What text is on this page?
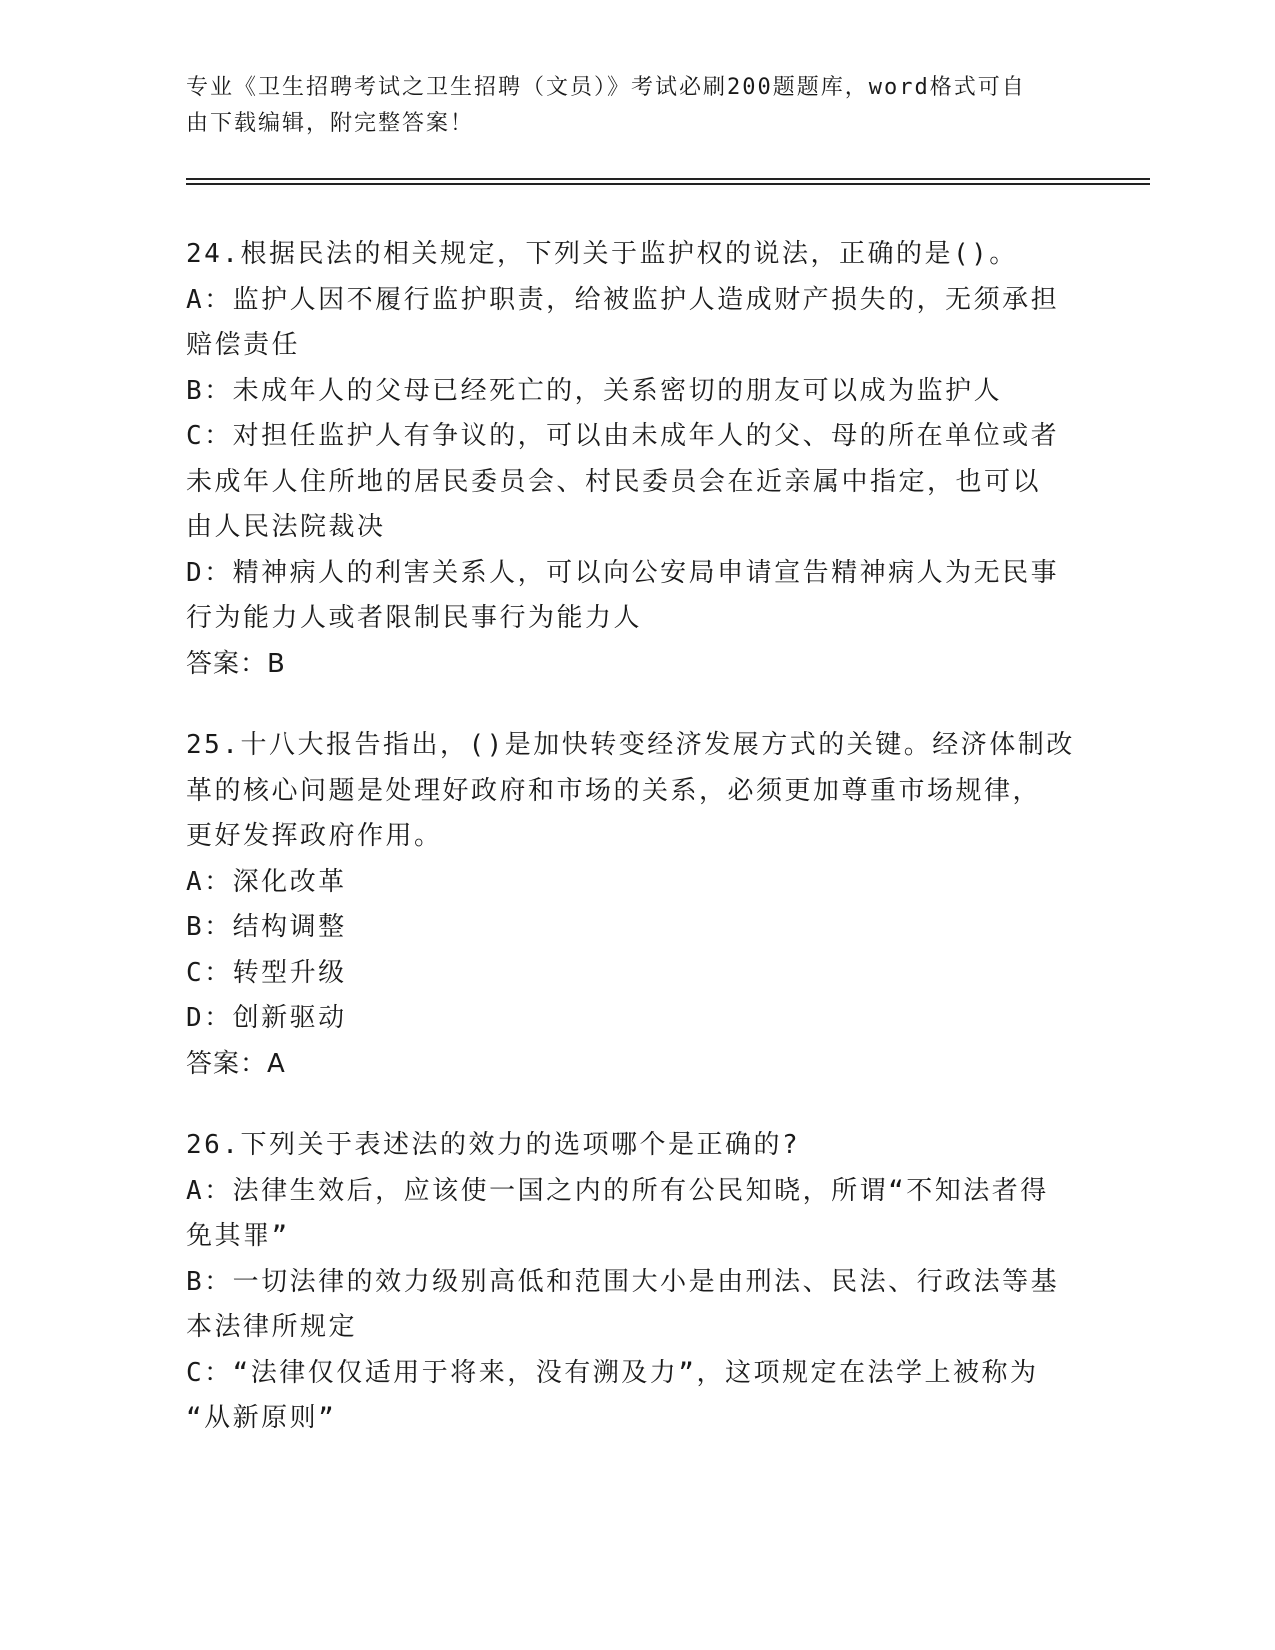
专业《卫生招聘考试之卫生招聘（文员）》考试必刷200题题库，word格式可自
由下载编辑，附完整答案！
24.根据民法的相关规定，下列关于监护权的说法，正确的是()。
A：监护人因不履行监护职责，给被监护人造成财产损失的，无须承担
赔偿责任
B：未成年人的父母已经死亡的，关系密切的朋友可以成为监护人
C：对担任监护人有争议的，可以由未成年人的父、母的所在单位或者
未成年人住所地的居民委员会、村民委员会在近亲属中指定，也可以
由人民法院裁决
D：精神病人的利害关系人，可以向公安局申请宣告精神病人为无民事
行为能力人或者限制民事行为能力人
答案：B
25.十八大报告指出，()是加快转变经济发展方式的关键。经济体制改
革的核心问题是处理好政府和市场的关系，必须更加尊重市场规律，
更好发挥政府作用。
A：深化改革
B：结构调整
C：转型升级
D：创新驱动
答案：A
26.下列关于表述法的效力的选项哪个是正确的?
A：法律生效后，应该使一国之内的所有公民知晓，所谓“不知法者得
免其罪”
B：一切法律的效力级别高低和范围大小是由刑法、民法、行政法等基
本法律所规定
C：“法律仅仅适用于将来，没有溯及力”，这项规定在法学上被称为
“从新原则”
